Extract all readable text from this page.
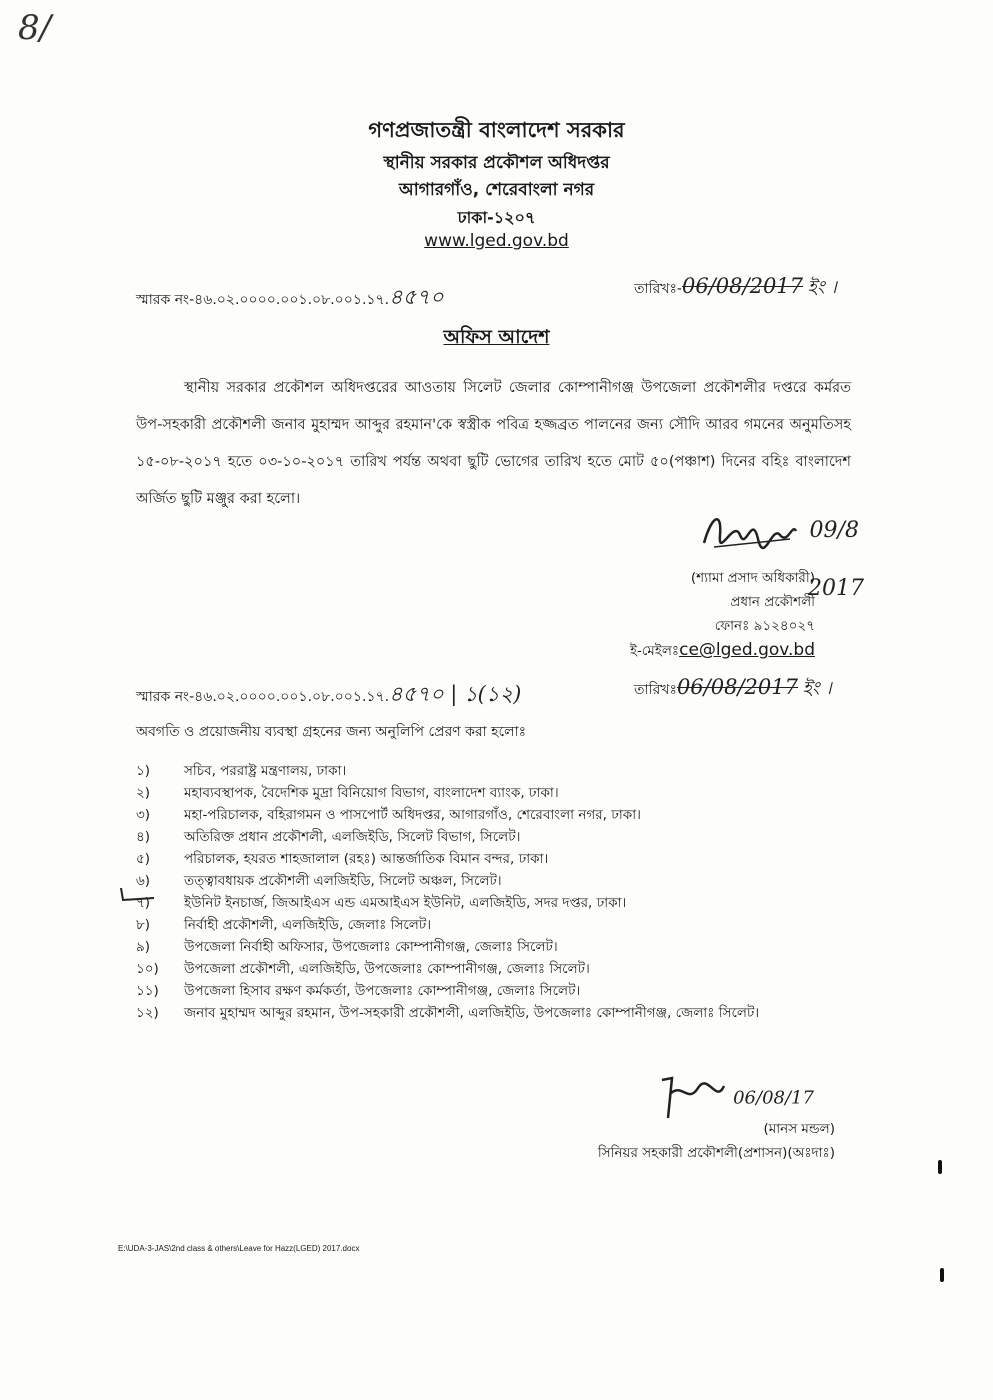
8/
গণপ্রজাতন্ত্রী বাংলাদেশ সরকার
স্থানীয় সরকার প্রকৌশল অধিদপ্তর
আগারগাঁও, শেরেবাংলা নগর
ঢাকা-১২০৭
www.lged.gov.bd
স্মারক নং-৪৬.০২.০০০০.০০১.০৮.০০১.১৭.৪৫৭০	তারিখঃ-06/08/2017 ইং ।
অফিস আদেশ
স্থানীয় সরকার প্রকৌশল অধিদপ্তরের আওতায় সিলেট জেলার কোম্পানীগঞ্জ উপজেলা প্রকৌশলীর দপ্তরে কর্মরত উপ-সহকারী প্রকৌশলী জনাব মুহাম্মদ আব্দুর রহমান'কে স্বস্ত্রীক পবিত্র হজ্জব্রত পালনের জন্য সৌদি আরব গমনের অনুমতিসহ ১৫-০৮-২০১৭ হতে ০৩-১০-২০১৭ তারিখ পর্যন্ত অথবা ছুটি ভোগের তারিখ হতে মোট ৫০(পঞ্চাশ) দিনের বহিঃ বাংলাদেশ অর্জিত ছুটি মঞ্জুর করা হলো।
09/8
2017
(শ্যামা প্রসাদ অধিকারী)
প্রধান প্রকৌশলী
ফোনঃ ৯১২৪০২৭
ই-মেইলঃce@lged.gov.bd
স্মারক নং-৪৬.০২.০০০০.০০১.০৮.০০১.১৭.৪৫৭০ | ১(১২)	তারিখঃ06/08/2017 ইং ।
অবগতি ও প্রয়োজনীয় ব্যবস্থা গ্রহনের জন্য অনুলিপি প্রেরণ করা হলোঃ
১)	সচিব, পররাষ্ট্র মন্ত্রণালয়, ঢাকা।
২)	মহাব্যবস্থাপক, বৈদেশিক মুদ্রা বিনিয়োগ বিভাগ, বাংলাদেশ ব্যাংক, ঢাকা।
৩)	মহা-পরিচালক, বহিরাগমন ও পাসপোর্ট অধিদপ্তর, আগারগাঁও, শেরেবাংলা নগর, ঢাকা।
৪)	অতিরিক্ত প্রধান প্রকৌশলী, এলজিইডি, সিলেট বিভাগ, সিলেট।
৫)	পরিচালক, হযরত শাহজালাল (রহঃ) আন্তর্জাতিক বিমান বন্দর, ঢাকা।
৬)	তত্ত্বাবধায়ক প্রকৌশলী এলজিইডি, সিলেট অঞ্চল, সিলেট।
৭)	ইউনিট ইনচার্জ, জিআইএস এন্ড এমআইএস ইউনিট, এলজিইডি, সদর দপ্তর, ঢাকা।
৮)	নির্বাহী প্রকৌশলী, এলজিইডি, জেলাঃ সিলেট।
৯)	উপজেলা নির্বাহী অফিসার, উপজেলাঃ কোম্পানীগঞ্জ, জেলাঃ সিলেট।
১০)	উপজেলা প্রকৌশলী, এলজিইডি, উপজেলাঃ কোম্পানীগঞ্জ, জেলাঃ সিলেট।
১১)	উপজেলা হিসাব রক্ষণ কর্মকর্তা, উপজেলাঃ কোম্পানীগঞ্জ, জেলাঃ সিলেট।
১২)	জনাব মুহাম্মদ আব্দুর রহমান, উপ-সহকারী প্রকৌশলী, এলজিইডি, উপজেলাঃ কোম্পানীগঞ্জ, জেলাঃ সিলেট।
06/08/17
(মানস মন্ডল)
সিনিয়র সহকারী প্রকৌশলী(প্রশাসন)(অঃদাঃ)
E:\UDA-3-JAS\2nd class & others\Leave for Hazz(LGED) 2017.docx
